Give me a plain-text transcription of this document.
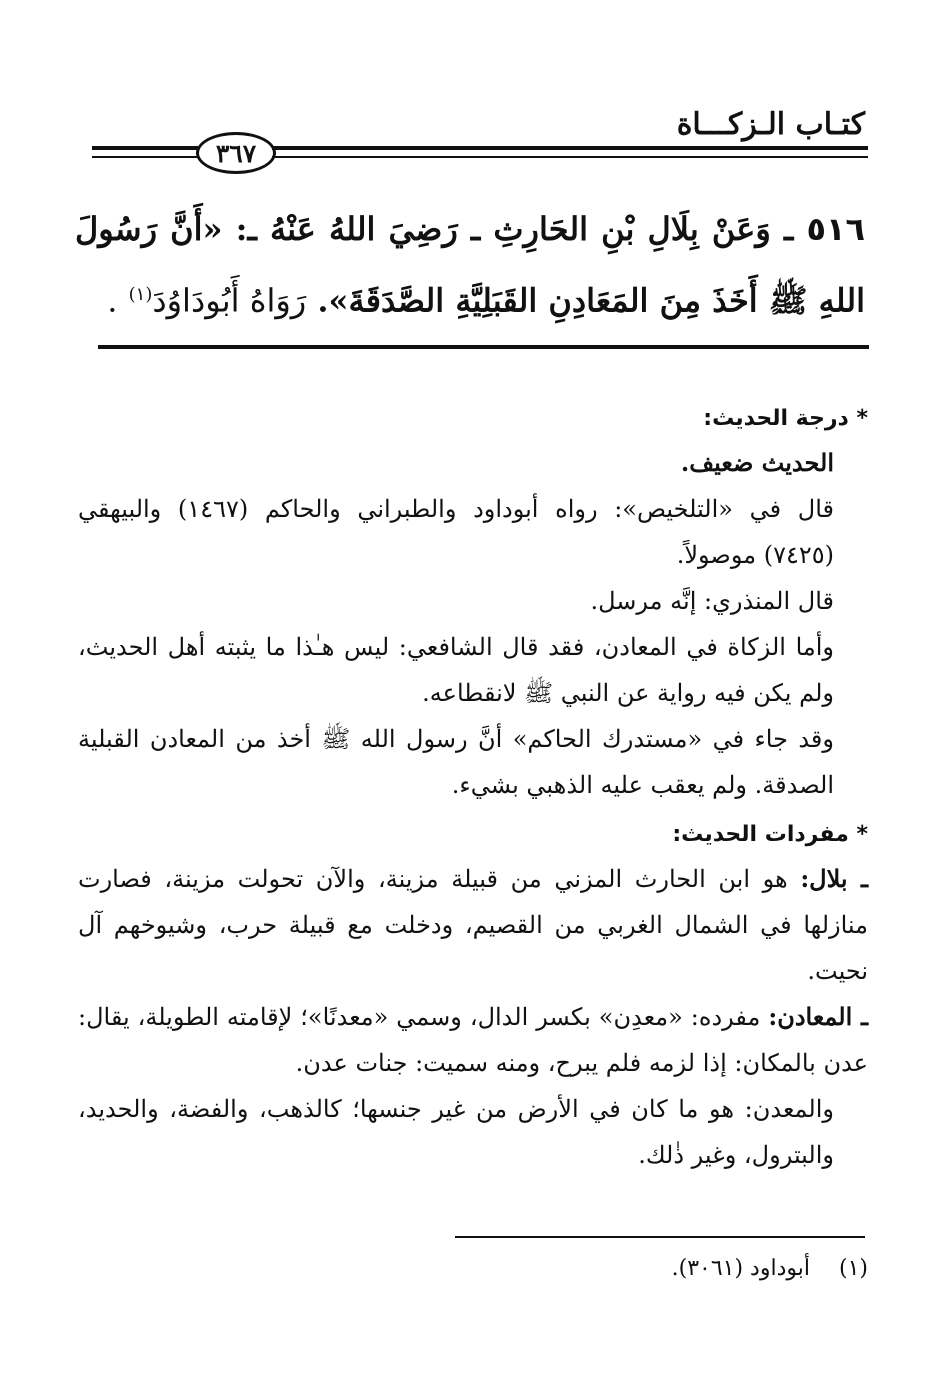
كتـاب الـزكـــاة
٣٦٧
٥١٦ ـ وَعَنْ بِلَالِ بْنِ الحَارِثِ ـ رَضِيَ اللهُ عَنْهُ ـ: «أَنَّ رَسُولَ اللهِ ﷺ أَخَذَ مِنَ المَعَادِنِ القَبَلِيَّةِ الصَّدَقَةَ». رَوَاهُ أَبُودَاوُدَ$^{(١)}$ .

* درجة الحديث:

الحديث ضعيف.

قال في «التلخيص»: رواه أبوداود والطبراني والحاكم (١٤٦٧) والبيهقي (٧٤٢٥) موصولاً.

قال المنذري: إنَّه مرسل.

وأما الزكاة في المعادن، فقد قال الشافعي: ليس هـٰذا ما يثبته أهل الحديث، ولم يكن فيه رواية عن النبي ﷺ لانقطاعه.

وقد جاء في «مستدرك الحاكم» أنَّ رسول الله ﷺ أخذ من المعادن القبلية الصدقة. ولم يعقب عليه الذهبي بشيء.

* مفردات الحديث:

ـ بلال: هو ابن الحارث المزني من قبيلة مزينة، والآن تحولت مزينة، فصارت منازلها في الشمال الغربي من القصيم، ودخلت مع قبيلة حرب، وشيوخهم آل نحيت.

ـ المعادن: مفرده: «معدِن» بكسر الدال، وسمي «معدنًا»؛ لإقامته الطويلة، يقال: عدن بالمكان: إذا لزمه فلم يبرح، ومنه سميت: جنات عدن.

والمعدن: هو ما كان في الأرض من غير جنسها؛ كالذهب، والفضة، والحديد، والبترول، وغير ذٰلك.

(١) أبوداود (٣٠٦١).
